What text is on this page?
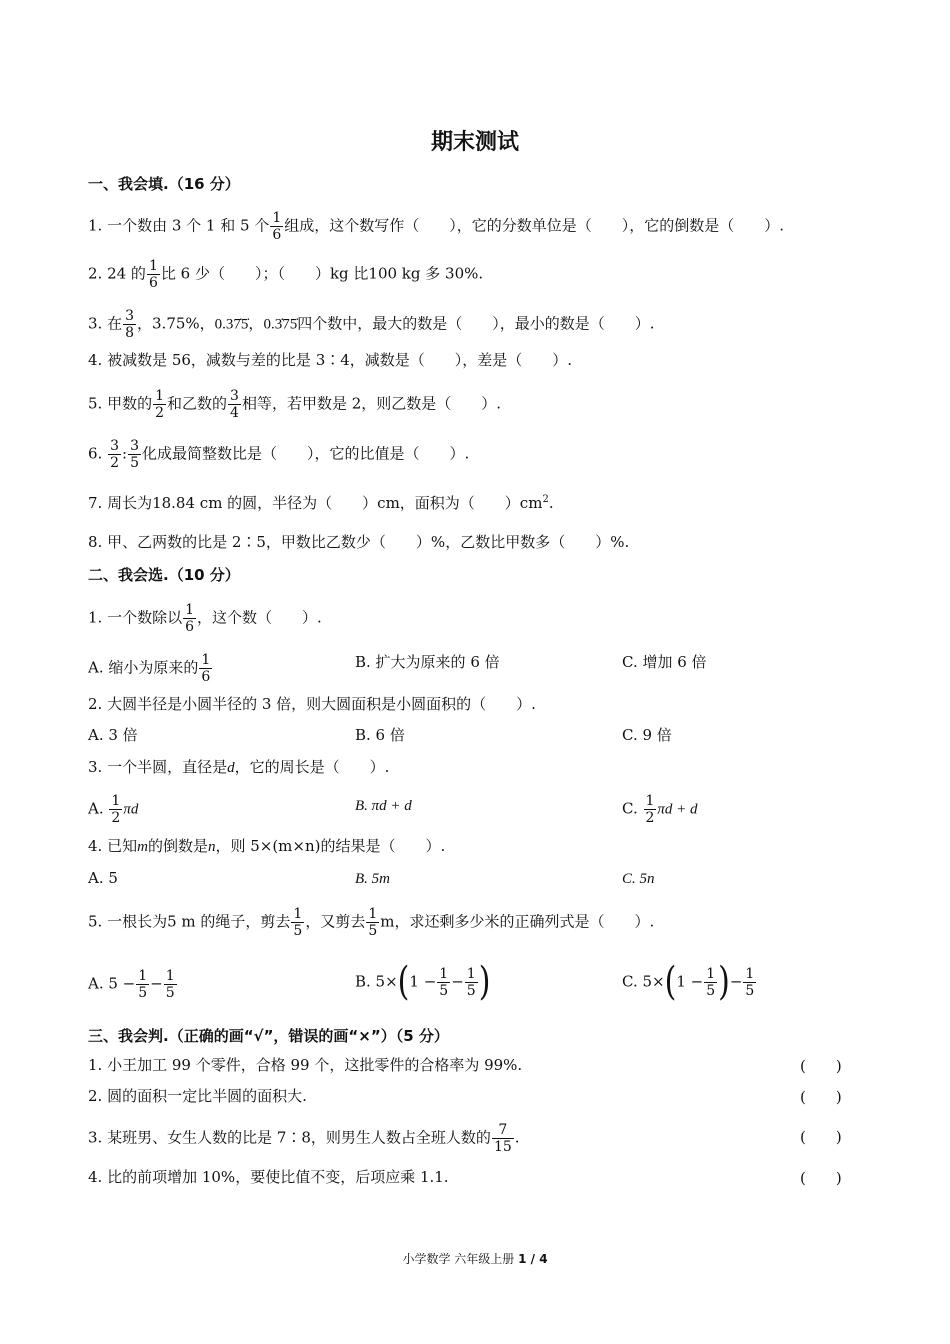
期末测试
一、我会填.（16 分）
1. 一个数由 3 个 1 和 5 个 $\frac{1}{6}$ 组成，这个数写作（　　），它的分数单位是（　　），它的倒数是（　　）.
2. 24 的 $\frac{1}{6}$ 比 6 少（　　）；（　　）kg 比100 kg 多 30%.
3. 在 $\frac{3}{8}$ ，3.75%，0.37̇5̇，0.3̇75̇四个数中，最大的数是（　　），最小的数是（　　）.
4. 被减数是 56，减数与差的比是 3∶4，减数是（　　），差是（　　）.
5. 甲数的 $\frac{1}{2}$ 和乙数的 $\frac{3}{4}$ 相等，若甲数是 2，则乙数是（　　）.
6. $\frac{3}{2}$ : $\frac{3}{5}$ 化成最简整数比是（　　），它的比值是（　　）.
7. 周长为18.84 cm 的圆，半径为（　　）cm，面积为（　　）$cm^2$.
8. 甲、乙两数的比是 2∶5，甲数比乙数少（　　）%，乙数比甲数多（　　）%.
二、我会选.（10 分）
1. 一个数除以 $\frac{1}{6}$ ，这个数（　　）.
A. 缩小为原来的 $\frac{1}{6}$	B. 扩大为原来的 6 倍	C. 增加 6 倍
2. 大圆半径是小圆半径的 3 倍，则大圆面积是小圆面积的（　　）.
A. 3 倍	B. 6 倍	C. 9 倍
3. 一个半圆，直径是d，它的周长是（　　）.
A. $\frac{1}{2}$ πd	B. πd + d	C. $\frac{1}{2}$ πd + d
4. 已知m的倒数是n，则 5×(m×n)的结果是（　　）.
A. 5	B. 5m	C. 5n
5. 一根长为5 m 的绳子，剪去 $\frac{1}{5}$ ，又剪去 $\frac{1}{5}$ m，求还剩多少米的正确列式是（　　）.
A. $5 - \frac{1}{5} - \frac{1}{5}$	B. $5\times(1 - \frac{1}{5} - \frac{1}{5}$ )	C. $5\times(1 - \frac{1}{5}$ )− $\frac{1}{5}$
三、我会判.（正确的画“√”，错误的画“×”）（5 分）
1. 小王加工 99 个零件，合格 99 个，这批零件的合格率为 99%.	(　　)
2. 圆的面积一定比半圆的面积大.	(　　)
3. 某班男、女生人数的比是 7∶8，则男生人数占全班人数的 $\frac{7}{15}$ .	(　　)
4. 比的前项增加 10%，要使比值不变，后项应乘 1.1.	(　　)
小学数学 六年级上册 1 / 4
